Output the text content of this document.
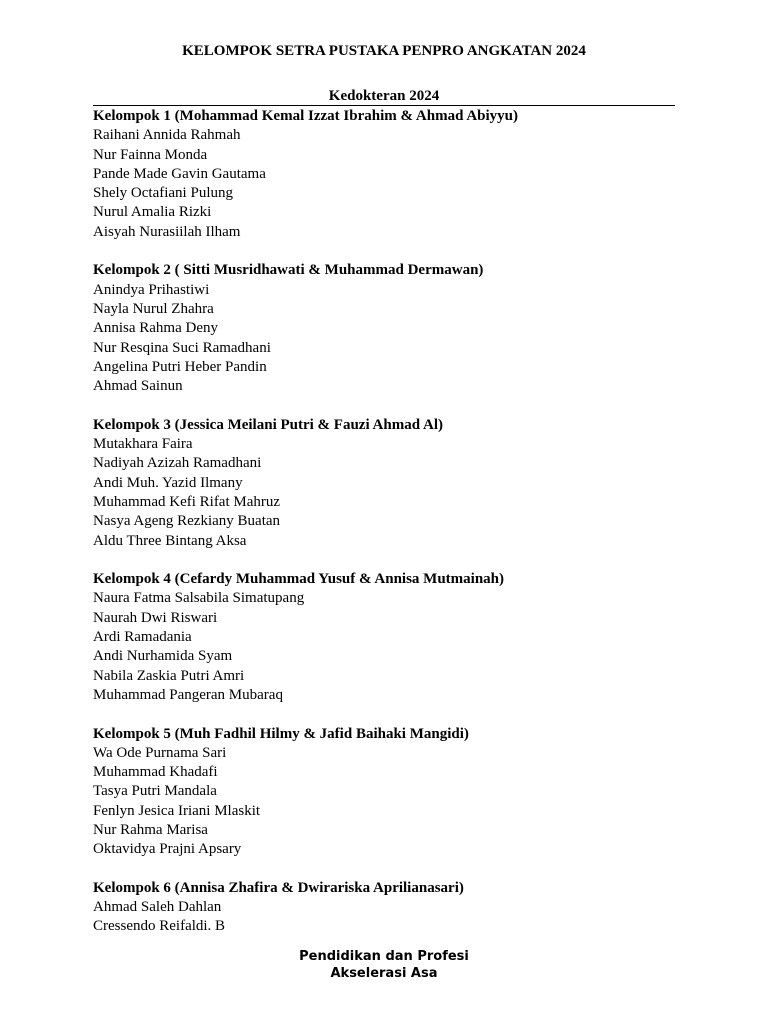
KELOMPOK SETRA PUSTAKA PENPRO ANGKATAN 2024
Kedokteran 2024
Kelompok 1 (Mohammad Kemal Izzat Ibrahim & Ahmad Abiyyu)
Raihani Annida Rahmah
Nur Fainna Monda
Pande Made Gavin Gautama
Shely Octafiani Pulung
Nurul Amalia Rizki
Aisyah Nurasiilah Ilham
Kelompok 2 ( Sitti Musridhawati & Muhammad Dermawan)
Anindya Prihastiwi
Nayla Nurul Zhahra
Annisa Rahma Deny
Nur Resqina Suci Ramadhani
Angelina Putri Heber Pandin
Ahmad Sainun
Kelompok 3 (Jessica Meilani Putri & Fauzi Ahmad Al)
Mutakhara Faira
Nadiyah Azizah Ramadhani
Andi Muh. Yazid Ilmany
Muhammad Kefi Rifat Mahruz
Nasya Ageng Rezkiany Buatan
Aldu Three Bintang Aksa
Kelompok 4 (Cefardy Muhammad Yusuf & Annisa Mutmainah)
Naura Fatma Salsabila Simatupang
Naurah Dwi Riswari
Ardi Ramadania
Andi Nurhamida Syam
Nabila Zaskia Putri Amri
Muhammad Pangeran Mubaraq
Kelompok 5 (Muh Fadhil Hilmy & Jafid Baihaki Mangidi)
Wa Ode Purnama Sari
Muhammad Khadafi
Tasya Putri Mandala
Fenlyn Jesica Iriani Mlaskit
Nur Rahma Marisa
Oktavidya Prajni Apsary
Kelompok 6 (Annisa Zhafira & Dwirariska Aprilianasari)
Ahmad Saleh Dahlan
Cressendo Reifaldi. B
Pendidikan dan Profesi
Akselerasi Asa
